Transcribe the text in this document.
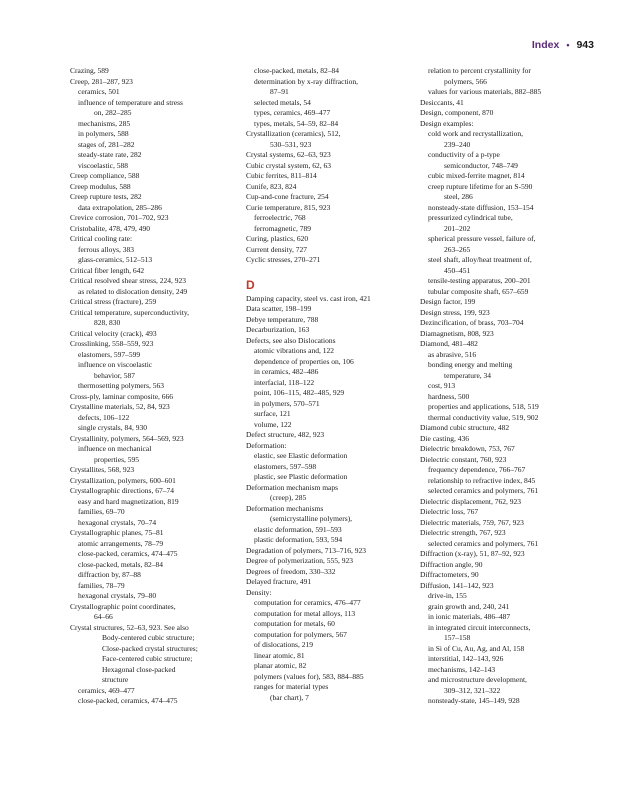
Index • 943
Crazing, 589
Creep, 281–287, 923
ceramics, 501
influence of temperature and stress
on, 282–285
mechanisms, 285
in polymers, 588
stages of, 281–282
steady-state rate, 282
viscoelastic, 588
Creep compliance, 588
Creep modulus, 588
Creep rupture tests, 282
data extrapolation, 285–286
Crevice corrosion, 701–702, 923
Cristobalite, 478, 479, 490
Critical cooling rate:
ferrous alloys, 383
glass-ceramics, 512–513
Critical fiber length, 642
Critical resolved shear stress, 224, 923
as related to dislocation density, 249
Critical stress (fracture), 259
Critical temperature, superconductivity,
828, 830
Critical velocity (crack), 493
Crosslinking, 558–559, 923
elastomers, 597–599
influence on viscoelastic
behavior, 587
thermosetting polymers, 563
Cross-ply, laminar composite, 666
Crystalline materials, 52, 84, 923
defects, 106–122
single crystals, 84, 930
Crystallinity, polymers, 564–569, 923
influence on mechanical
properties, 595
Crystallites, 568, 923
Crystallization, polymers, 600–601
Crystallographic directions, 67–74
easy and hard magnetization, 819
families, 69–70
hexagonal crystals, 70–74
Crystallographic planes, 75–81
atomic arrangements, 78–79
close-packed, ceramics, 474–475
close-packed, metals, 82–84
diffraction by, 87–88
families, 78–79
hexagonal crystals, 79–80
Crystallographic point coordinates,
64–66
Crystal structures, 52–63, 923. See also
Body-centered cubic structure;
Close-packed crystal structures;
Face-centered cubic structure;
Hexagonal close-packed
structure
ceramics, 469–477
close-packed, ceramics, 474–475
close-packed, metals, 82–84
determination by x-ray diffraction,
87–91
selected metals, 54
types, ceramics, 469–477
types, metals, 54–59, 82–84
Crystallization (ceramics), 512,
530–531, 923
Crystal systems, 62–63, 923
Cubic crystal system, 62, 63
Cubic ferrites, 811–814
Cunife, 823, 824
Cup-and-cone fracture, 254
Curie temperature, 815, 923
ferroelectric, 768
ferromagnetic, 789
Curing, plastics, 620
Current density, 727
Cyclic stresses, 270–271
D
Damping capacity, steel vs. cast iron, 421
Data scatter, 198–199
Debye temperature, 788
Decarburization, 163
Defects, see also Dislocations
atomic vibrations and, 122
dependence of properties on, 106
in ceramics, 482–486
interfacial, 118–122
point, 106–115, 482–485, 929
in polymers, 570–571
surface, 121
volume, 122
Defect structure, 482, 923
Deformation:
elastic, see Elastic deformation
elastomers, 597–598
plastic, see Plastic deformation
Deformation mechanism maps
(creep), 285
Deformation mechanisms
(semicrystalline polymers),
elastic deformation, 591–593
plastic deformation, 593, 594
Degradation of polymers, 713–716, 923
Degree of polymerization, 555, 923
Degrees of freedom, 330–332
Delayed fracture, 491
Density:
computation for ceramics, 476–477
computation for metal alloys, 113
computation for metals, 60
computation for polymers, 567
of dislocations, 219
linear atomic, 81
planar atomic, 82
polymers (values for), 583, 884–885
ranges for material types
(bar chart), 7
relation to percent crystallinity for
polymers, 566
values for various materials, 882–885
Desiccants, 41
Design, component, 870
Design examples:
cold work and recrystallization,
239–240
conductivity of a p-type
semiconductor, 748–749
cubic mixed-ferrite magnet, 814
creep rupture lifetime for an S-590
steel, 286
nonsteady-state diffusion, 153–154
pressurized cylindrical tube,
201–202
spherical pressure vessel, failure of,
263–265
steel shaft, alloy/heat treatment of,
450–451
tensile-testing apparatus, 200–201
tubular composite shaft, 657–659
Design factor, 199
Design stress, 199, 923
Dezincification, of brass, 703–704
Diamagnetism, 808, 923
Diamond, 481–482
as abrasive, 516
bonding energy and melting
temperature, 34
cost, 913
hardness, 500
properties and applications, 518, 519
thermal conductivity value, 519, 902
Diamond cubic structure, 482
Die casting, 436
Dielectric breakdown, 753, 767
Dielectric constant, 760, 923
frequency dependence, 766–767
relationship to refractive index, 845
selected ceramics and polymers, 761
Dielectric displacement, 762, 923
Dielectric loss, 767
Dielectric materials, 759, 767, 923
Dielectric strength, 767, 923
selected ceramics and polymers, 761
Diffraction (x-ray), 51, 87–92, 923
Diffraction angle, 90
Diffractometers, 90
Diffusion, 141–142, 923
drive-in, 155
grain growth and, 240, 241
in ionic materials, 486–487
in integrated circuit interconnects,
157–158
in Si of Cu, Au, Ag, and Al, 158
interstitial, 142–143, 926
mechanisms, 142–143
and microstructure development,
309–312, 321–322
nonsteady-state, 145–149, 928
